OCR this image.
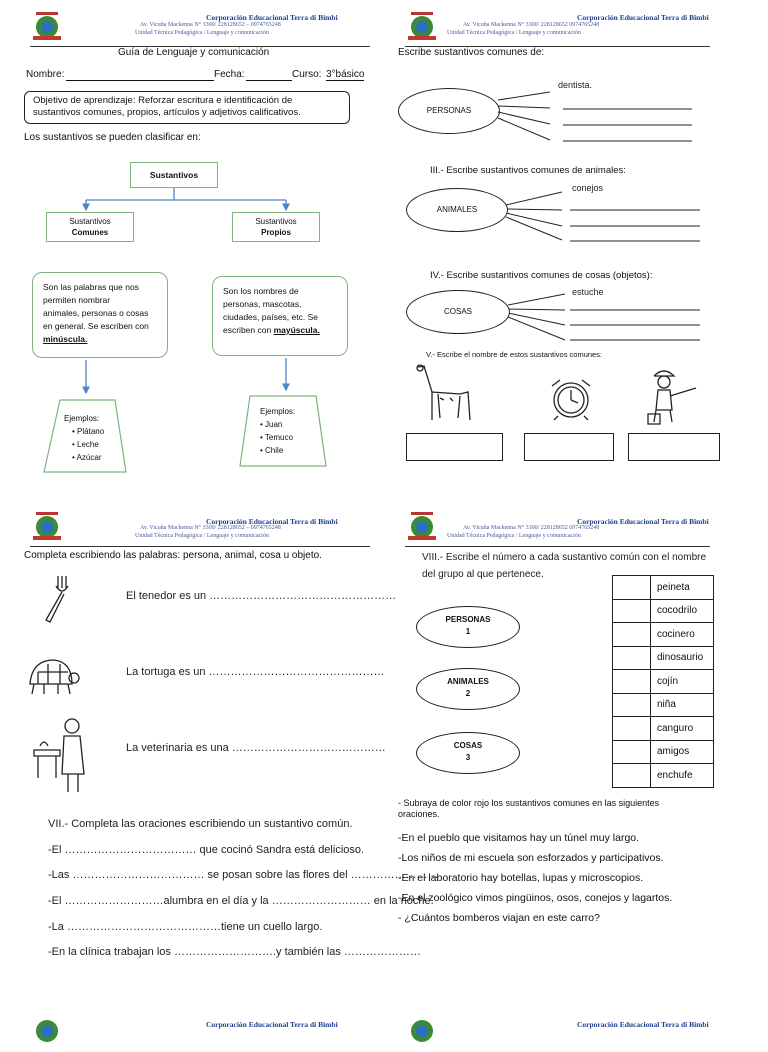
Corporación Educacional Terra di Bimbi
Av. Vicuña Mackenna N° 3300/ 228128652 – 0974765248
Unidad Técnica Pedagógica / Lenguaje y comunicación
Corporación Educacional Terra di Bimbi
Av. Vicuña Mackenna N° 3300/ 228128652 0974765248
Unidad Técnica Pedagógica / Lenguaje y comunicación
Corporación Educacional Terra di Bimbi
Av. Vicuña Mackenna N° 3300/ 228128652 – 0974765248
Unidad Técnica Pedagógica / Lenguaje y comunicación
Corporación Educacional Terra di Bimbi
Av. Vicuña Mackenna N° 3300/ 228128652 0974765248
Unidad Técnica Pedagógica / Lenguaje y comunicación
Corporación Educacional Terra di Bimbi	Corporación Educacional Terra di Bimbi
Guía de Lenguaje y comunicación
Nombre:	Fecha:	Curso: 3°básico
Objetivo de aprendizaje: Reforzar escritura e identificación de sustantivos comunes, propios, artículos y adjetivos calificativos.
Los sustantivos se pueden clasificar en:
Sustantivos
Sustantivos
Comunes
Sustantivos
Propios
Son las palabras que nos
permiten nombrar
animales, personas o cosas
en general. Se escriben con
minúscula.
Son los nombres de
personas, mascotas,
ciudades, países, etc. Se
escriben con mayúscula.
Ejemplos:
• Plátano
• Leche
• Azúcar
Ejemplos:
• Juan
• Temuco
• Chile
Escribe sustantivos comunes de:
PERSONAS
dentista.
III.- Escribe sustantivos comunes de animales:
ANIMALES
conejos
IV.- Escribe sustantivos comunes de cosas (objetos):
COSAS
estuche
V.- Escribe el nombre de estos sustantivos comunes:
Completa escribiendo las palabras: persona, animal, cosa u objeto.
El tenedor es un ……………………………………………
La tortuga es un …………………………………………
La veterinaria es una ……………………………………
VII.- Completa las oraciones escribiendo un sustantivo común.
-El ……………………………… que cocinó Sandra está delicioso.
-Las ……………………………… se posan sobre las flores del ……………………
-El ………………………alumbra en el día y la ……………………… en la noche.
-La ……………………………………tiene un cuello largo.
-En la clínica trabajan los ……………………….y también las …………………
VIII.- Escribe el número a cada sustantivo común con el nombre
del grupo al que pertenece.
PERSONAS
1
ANIMALES
2
COSAS
3
	peineta
	cocodrilo
	cocinero
	dinosaurio
	cojín
	niña
	canguro
	amigos
	enchufe
- Subraya de color rojo los sustantivos comunes en las siguientes
oraciones.
-En el pueblo que visitamos hay un túnel muy largo.
-Los niños de mi escuela son esforzados y participativos.
-En el laboratorio hay botellas, lupas y microscopios.
-En el zoológico vimos pingüinos, osos, conejos y lagartos.
- ¿Cuántos bomberos viajan en este carro?
